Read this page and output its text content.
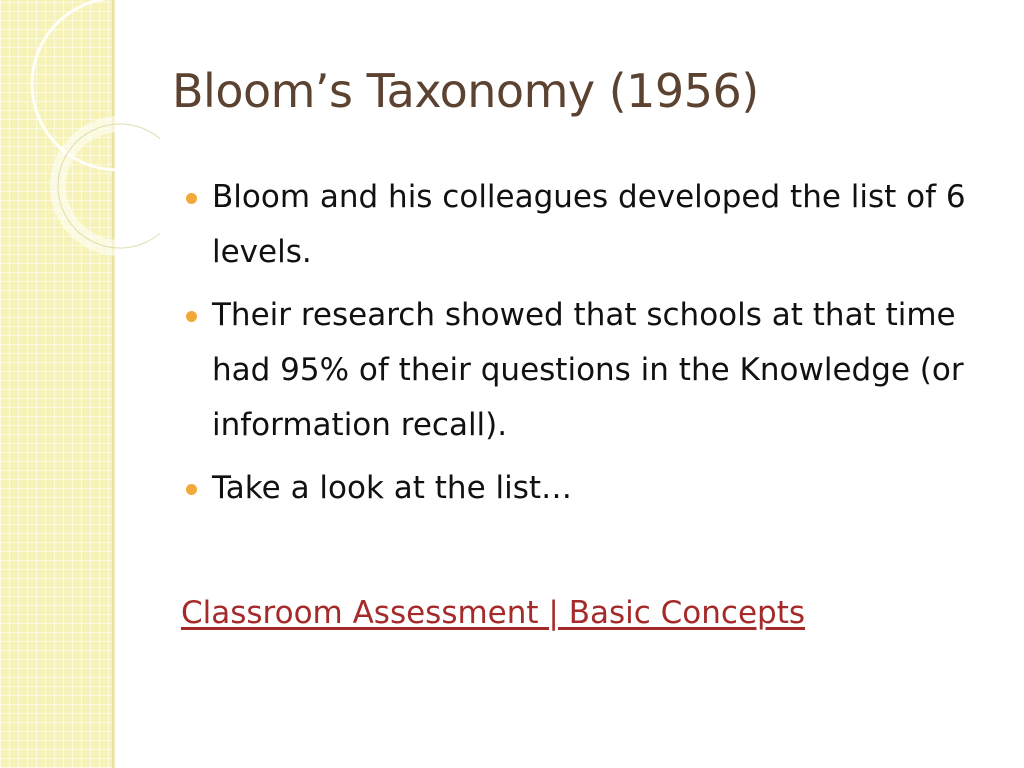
Bloom’s Taxonomy (1956)
Bloom and his colleagues developed the list of 6 levels.
Their research showed that schools at that time had 95% of their questions in the Knowledge (or information recall).
Take a look at the list…
Classroom Assessment | Basic Concepts
